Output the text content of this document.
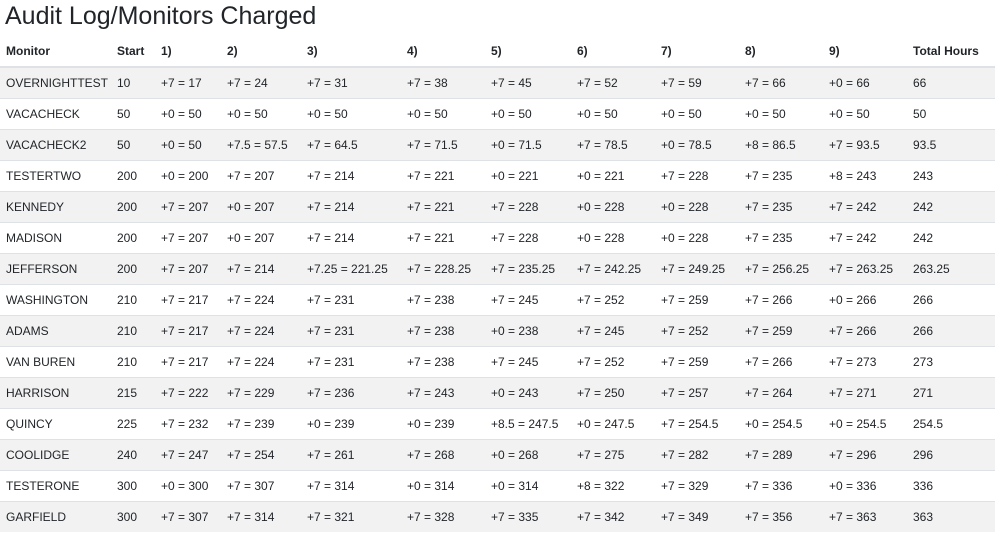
Audit Log/Monitors Charged
Monitor	Start	1)	2)	3)	4)	5)	6)	7)	8)	9)	Total Hours
OVERNIGHTTEST	10	+7 = 17	+7 = 24	+7 = 31	+7 = 38	+7 = 45	+7 = 52	+7 = 59	+7 = 66	+0 = 66	66
VACACHECK	50	+0 = 50	+0 = 50	+0 = 50	+0 = 50	+0 = 50	+0 = 50	+0 = 50	+0 = 50	+0 = 50	50
VACACHECK2	50	+0 = 50	+7.5 = 57.5	+7 = 64.5	+7 = 71.5	+0 = 71.5	+7 = 78.5	+0 = 78.5	+8 = 86.5	+7 = 93.5	93.5
TESTERTWO	200	+0 = 200	+7 = 207	+7 = 214	+7 = 221	+0 = 221	+0 = 221	+7 = 228	+7 = 235	+8 = 243	243
KENNEDY	200	+7 = 207	+0 = 207	+7 = 214	+7 = 221	+7 = 228	+0 = 228	+0 = 228	+7 = 235	+7 = 242	242
MADISON	200	+7 = 207	+0 = 207	+7 = 214	+7 = 221	+7 = 228	+0 = 228	+0 = 228	+7 = 235	+7 = 242	242
JEFFERSON	200	+7 = 207	+7 = 214	+7.25 = 221.25	+7 = 228.25	+7 = 235.25	+7 = 242.25	+7 = 249.25	+7 = 256.25	+7 = 263.25	263.25
WASHINGTON	210	+7 = 217	+7 = 224	+7 = 231	+7 = 238	+7 = 245	+7 = 252	+7 = 259	+7 = 266	+0 = 266	266
ADAMS	210	+7 = 217	+7 = 224	+7 = 231	+7 = 238	+0 = 238	+7 = 245	+7 = 252	+7 = 259	+7 = 266	266
VAN BUREN	210	+7 = 217	+7 = 224	+7 = 231	+7 = 238	+7 = 245	+7 = 252	+7 = 259	+7 = 266	+7 = 273	273
HARRISON	215	+7 = 222	+7 = 229	+7 = 236	+7 = 243	+0 = 243	+7 = 250	+7 = 257	+7 = 264	+7 = 271	271
QUINCY	225	+7 = 232	+7 = 239	+0 = 239	+0 = 239	+8.5 = 247.5	+0 = 247.5	+7 = 254.5	+0 = 254.5	+0 = 254.5	254.5
COOLIDGE	240	+7 = 247	+7 = 254	+7 = 261	+7 = 268	+0 = 268	+7 = 275	+7 = 282	+7 = 289	+7 = 296	296
TESTERONE	300	+0 = 300	+7 = 307	+7 = 314	+0 = 314	+0 = 314	+8 = 322	+7 = 329	+7 = 336	+0 = 336	336
GARFIELD	300	+7 = 307	+7 = 314	+7 = 321	+7 = 328	+7 = 335	+7 = 342	+7 = 349	+7 = 356	+7 = 363	363
